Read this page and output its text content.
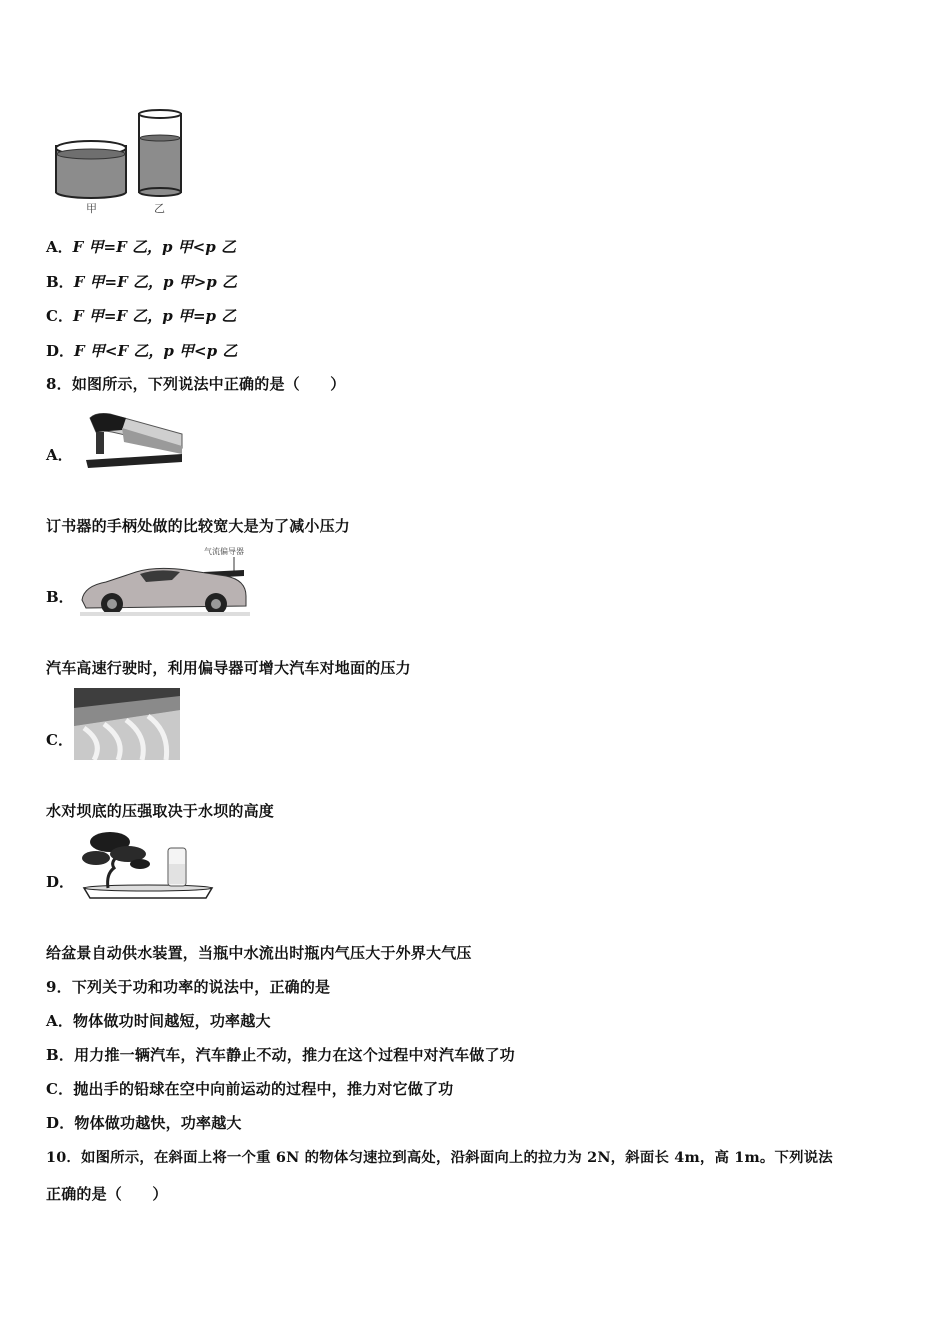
甲	乙
A．F 甲=F 乙，p 甲<p 乙
B．F 甲=F 乙，p 甲>p 乙
C．F 甲=F 乙，p 甲=p 乙
D．F 甲<F 乙，p 甲<p 乙
8．如图所示，下列说法中正确的是（　　）
A．
订书器的手柄处做的比较宽大是为了减小压力
B．
气流偏导器
汽车高速行驶时，利用偏导器可增大汽车对地面的压力
C．
水对坝底的压强取决于水坝的高度
D．
给盆景自动供水装置，当瓶中水流出时瓶内气压大于外界大气压
9．下列关于功和功率的说法中，正确的是
A．物体做功时间越短，功率越大
B．用力推一辆汽车，汽车静止不动，推力在这个过程中对汽车做了功
C．抛出手的铅球在空中向前运动的过程中，推力对它做了功
D．物体做功越快，功率越大
10．如图所示，在斜面上将一个重 6N 的物体匀速拉到高处，沿斜面向上的拉力为 2N，斜面长 4m，高 1m。下列说法
正确的是（　　）
